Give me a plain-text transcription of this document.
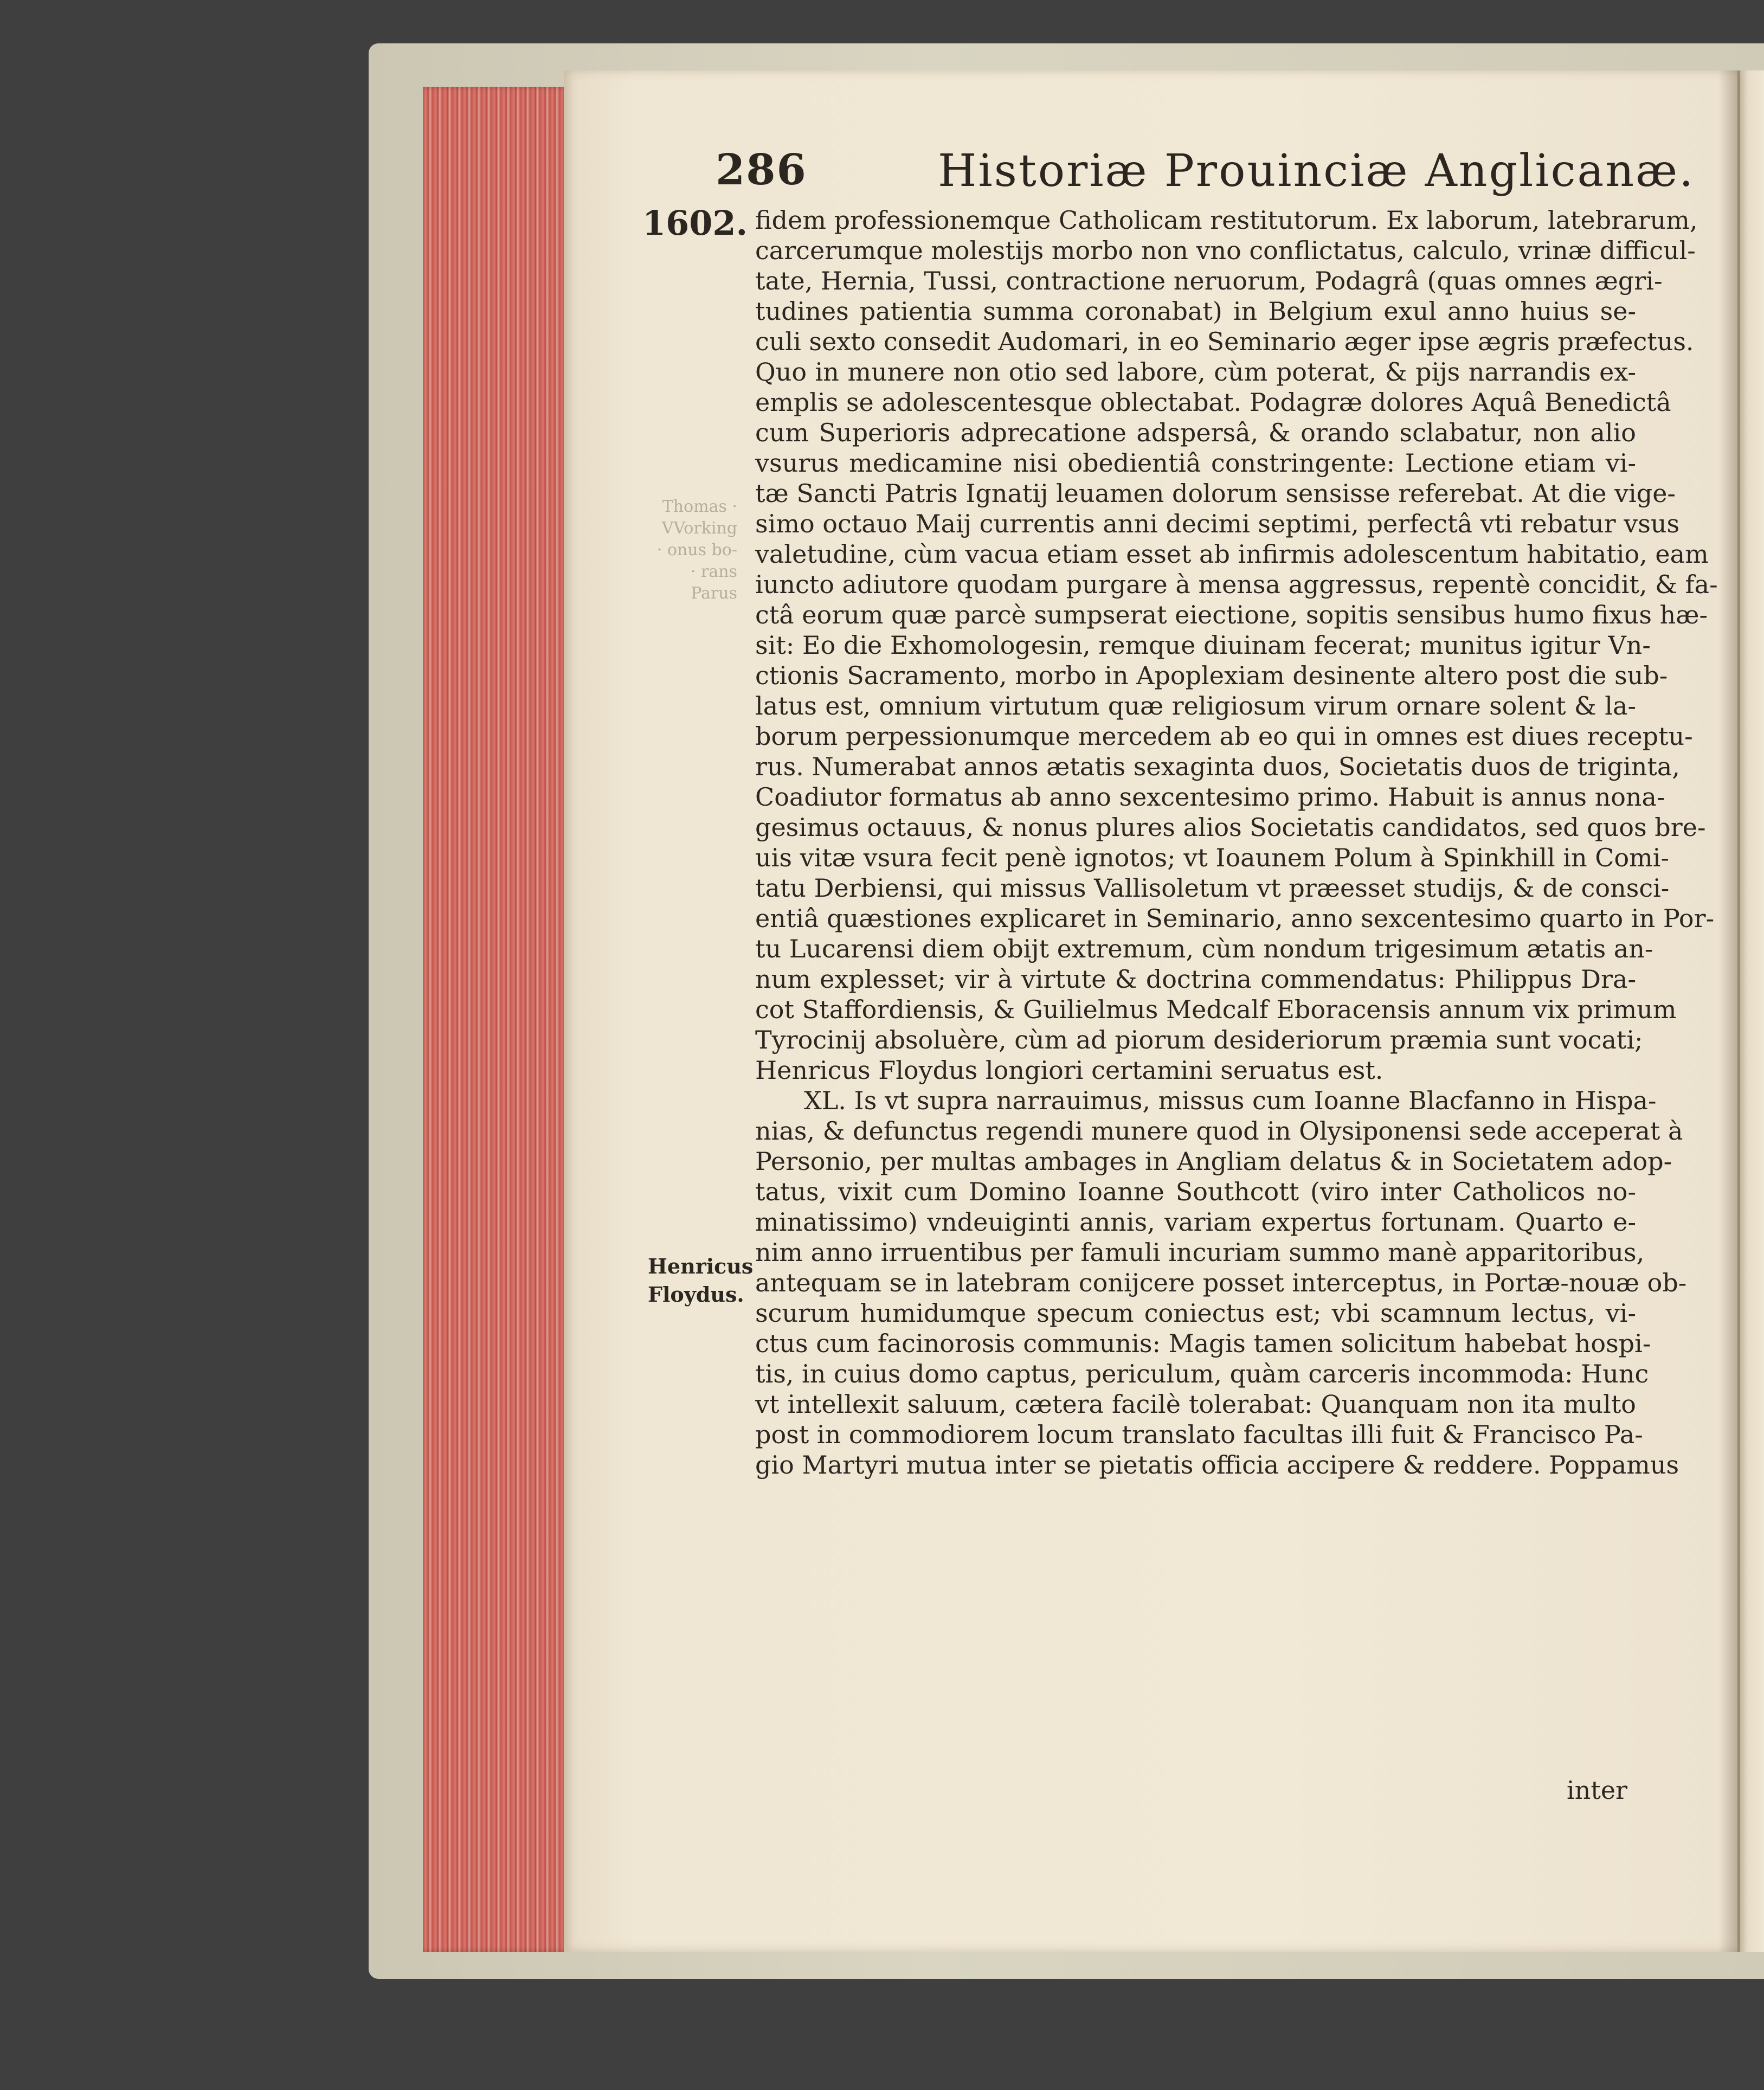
286	Historiæ Prouinciæ Anglicanæ.
1602.
Thomas · VVorking · onus bo- · rans Parus
Henricus
Floydus.
fidem professionemque Catholicam restitutorum. Ex laborum, latebrarum,
carcerumque molestijs morbo non vno conflictatus, calculo, vrinæ difficul-
tate, Hernia, Tussi, contractione neruorum, Podagrâ (quas omnes ægri-
tudines patientia summa coronabat) in Belgium exul anno huius se-
culi sexto consedit Audomari, in eo Seminario æger ipse ægris præfectus.
Quo in munere non otio sed labore, cùm poterat, & pijs narrandis ex-
emplis se adolescentesque oblectabat. Podagræ dolores Aquâ Benedictâ
cum Superioris adprecatione adspersâ, & orando sclabatur, non alio
vsurus medicamine nisi obedientiâ constringente: Lectione etiam vi-
tæ Sancti Patris Ignatij leuamen dolorum sensisse referebat. At die vige-
simo octauo Maij currentis anni decimi septimi, perfectâ vti rebatur vsus
valetudine, cùm vacua etiam esset ab infirmis adolescentum habitatio, eam
iuncto adiutore quodam purgare à mensa aggressus, repentè concidit, & fa-
ctâ eorum quæ parcè sumpserat eiectione, sopitis sensibus humo fixus hæ-
sit: Eo die Exhomologesin, remque diuinam fecerat; munitus igitur Vn-
ctionis Sacramento, morbo in Apoplexiam desinente altero post die sub-
latus est, omnium virtutum quæ religiosum virum ornare solent & la-
borum perpessionumque mercedem ab eo qui in omnes est diues receptu-
rus. Numerabat annos ætatis sexaginta duos, Societatis duos de triginta,
Coadiutor formatus ab anno sexcentesimo primo. Habuit is annus nona-
gesimus octauus, & nonus plures alios Societatis candidatos, sed quos bre-
uis vitæ vsura fecit penè ignotos; vt Ioaunem Polum à Spinkhill in Comi-
tatu Derbiensi, qui missus Vallisoletum vt præesset studijs, & de consci-
entiâ quæstiones explicaret in Seminario, anno sexcentesimo quarto in Por-
tu Lucarensi diem obijt extremum, cùm nondum trigesimum ætatis an-
num explesset; vir à virtute & doctrina commendatus: Philippus Dra-
cot Staffordiensis, & Guilielmus Medcalf Eboracensis annum vix primum
Tyrocinij absoluère, cùm ad piorum desideriorum præmia sunt vocati;
Henricus Floydus longiori certamini seruatus est.
XL. Is vt supra narrauimus, missus cum Ioanne Blacfanno in Hispa-
nias, & defunctus regendi munere quod in Olysiponensi sede acceperat à
Personio, per multas ambages in Angliam delatus & in Societatem adop-
tatus, vixit cum Domino Ioanne Southcott (viro inter Catholicos no-
minatissimo) vndeuiginti annis, variam expertus fortunam. Quarto e-
nim anno irruentibus per famuli incuriam summo manè apparitoribus,
antequam se in latebram conijcere posset interceptus, in Portæ-nouæ ob-
scurum humidumque specum coniectus est; vbi scamnum lectus, vi-
ctus cum facinorosis communis: Magis tamen solicitum habebat hospi-
tis, in cuius domo captus, periculum, quàm carceris incommoda: Hunc
vt intellexit saluum, cætera facilè tolerabat: Quanquam non ita multo
post in commodiorem locum translato facultas illi fuit & Francisco Pa-
gio Martyri mutua inter se pietatis officia accipere & reddere. Poppamus
inter
